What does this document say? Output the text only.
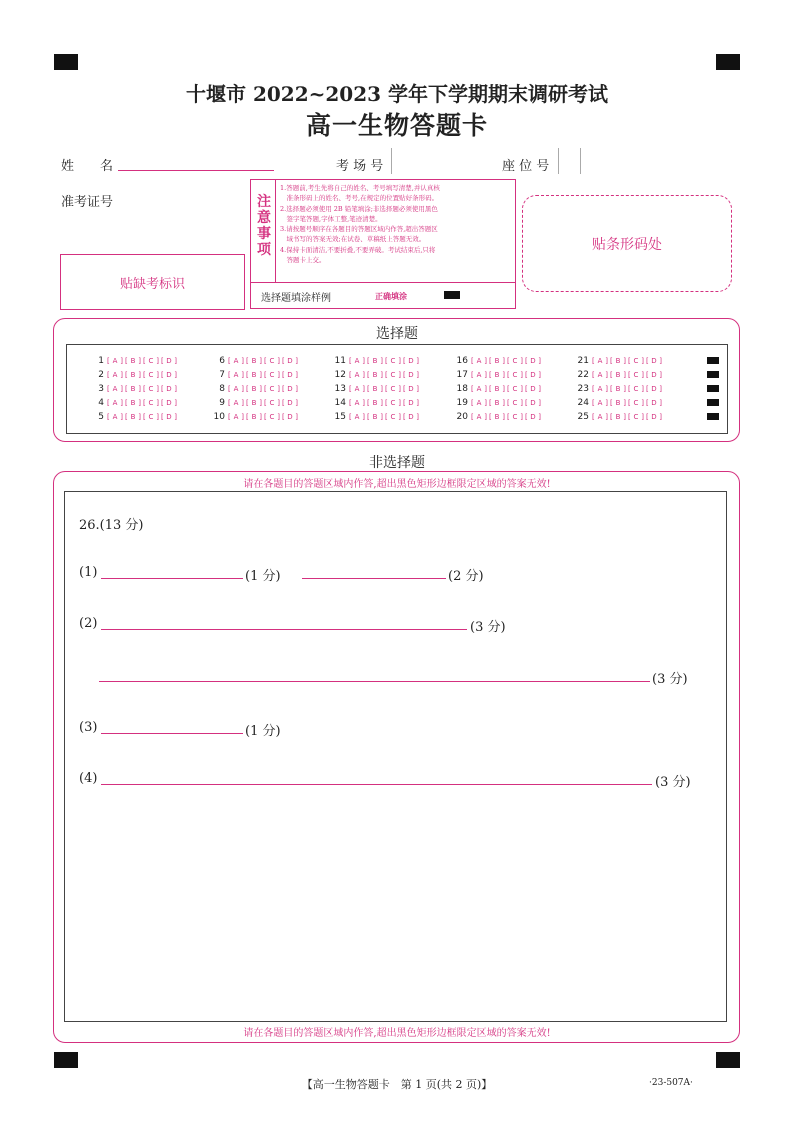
十堰市 2022~2023 学年下学期期末调研考试
高一生物答题卡
姓　　名	考 场 号	座 位 号
准考证号
贴缺考标识
注
意
事
项
1.答题前,考生先将自己的姓名、考号填写清楚,并认真核
　准条形码上的姓名、考号,在规定的位置贴好条形码。
2.选择题必须使用 2B 铅笔填涂;非选择题必须使用黑色
　签字笔答题,字体工整,笔迹清楚。
3.请按题号顺序在各题目的答题区域内作答,超出答题区
　域书写的答案无效;在试卷、草稿纸上答题无效。
4.保持卡面清洁,不要折叠,不要弄破。考试结束后,只将
　答题卡上交。
选择题填涂样例	正确填涂
贴条形码处
选择题
1	[ A ]	[ B ]	[ C ]	[ D ]
2	[ A ]	[ B ]	[ C ]	[ D ]
3	[ A ]	[ B ]	[ C ]	[ D ]
4	[ A ]	[ B ]	[ C ]	[ D ]
5	[ A ]	[ B ]	[ C ]	[ D ]
6	[ A ]	[ B ]	[ C ]	[ D ]
7	[ A ]	[ B ]	[ C ]	[ D ]
8	[ A ]	[ B ]	[ C ]	[ D ]
9	[ A ]	[ B ]	[ C ]	[ D ]
10	[ A ]	[ B ]	[ C ]	[ D ]
11	[ A ]	[ B ]	[ C ]	[ D ]
12	[ A ]	[ B ]	[ C ]	[ D ]
13	[ A ]	[ B ]	[ C ]	[ D ]
14	[ A ]	[ B ]	[ C ]	[ D ]
15	[ A ]	[ B ]	[ C ]	[ D ]
16	[ A ]	[ B ]	[ C ]	[ D ]
17	[ A ]	[ B ]	[ C ]	[ D ]
18	[ A ]	[ B ]	[ C ]	[ D ]
19	[ A ]	[ B ]	[ C ]	[ D ]
20	[ A ]	[ B ]	[ C ]	[ D ]
21	[ A ]	[ B ]	[ C ]	[ D ]
22	[ A ]	[ B ]	[ C ]	[ D ]
23	[ A ]	[ B ]	[ C ]	[ D ]
24	[ A ]	[ B ]	[ C ]	[ D ]
25	[ A ]	[ B ]	[ C ]	[ D ]
非选择题
请在各题目的答题区域内作答,超出黑色矩形边框限定区域的答案无效!
请在各题目的答题区域内作答,超出黑色矩形边框限定区域的答案无效!
26.(13 分)
(1)	(1 分)	(2 分)
(2)	(3 分)
(3 分)
(3)	(1 分)
(4)	(3 分)
【高一生物答题卡　第 1 页(共 2 页)】	·23-507A·
